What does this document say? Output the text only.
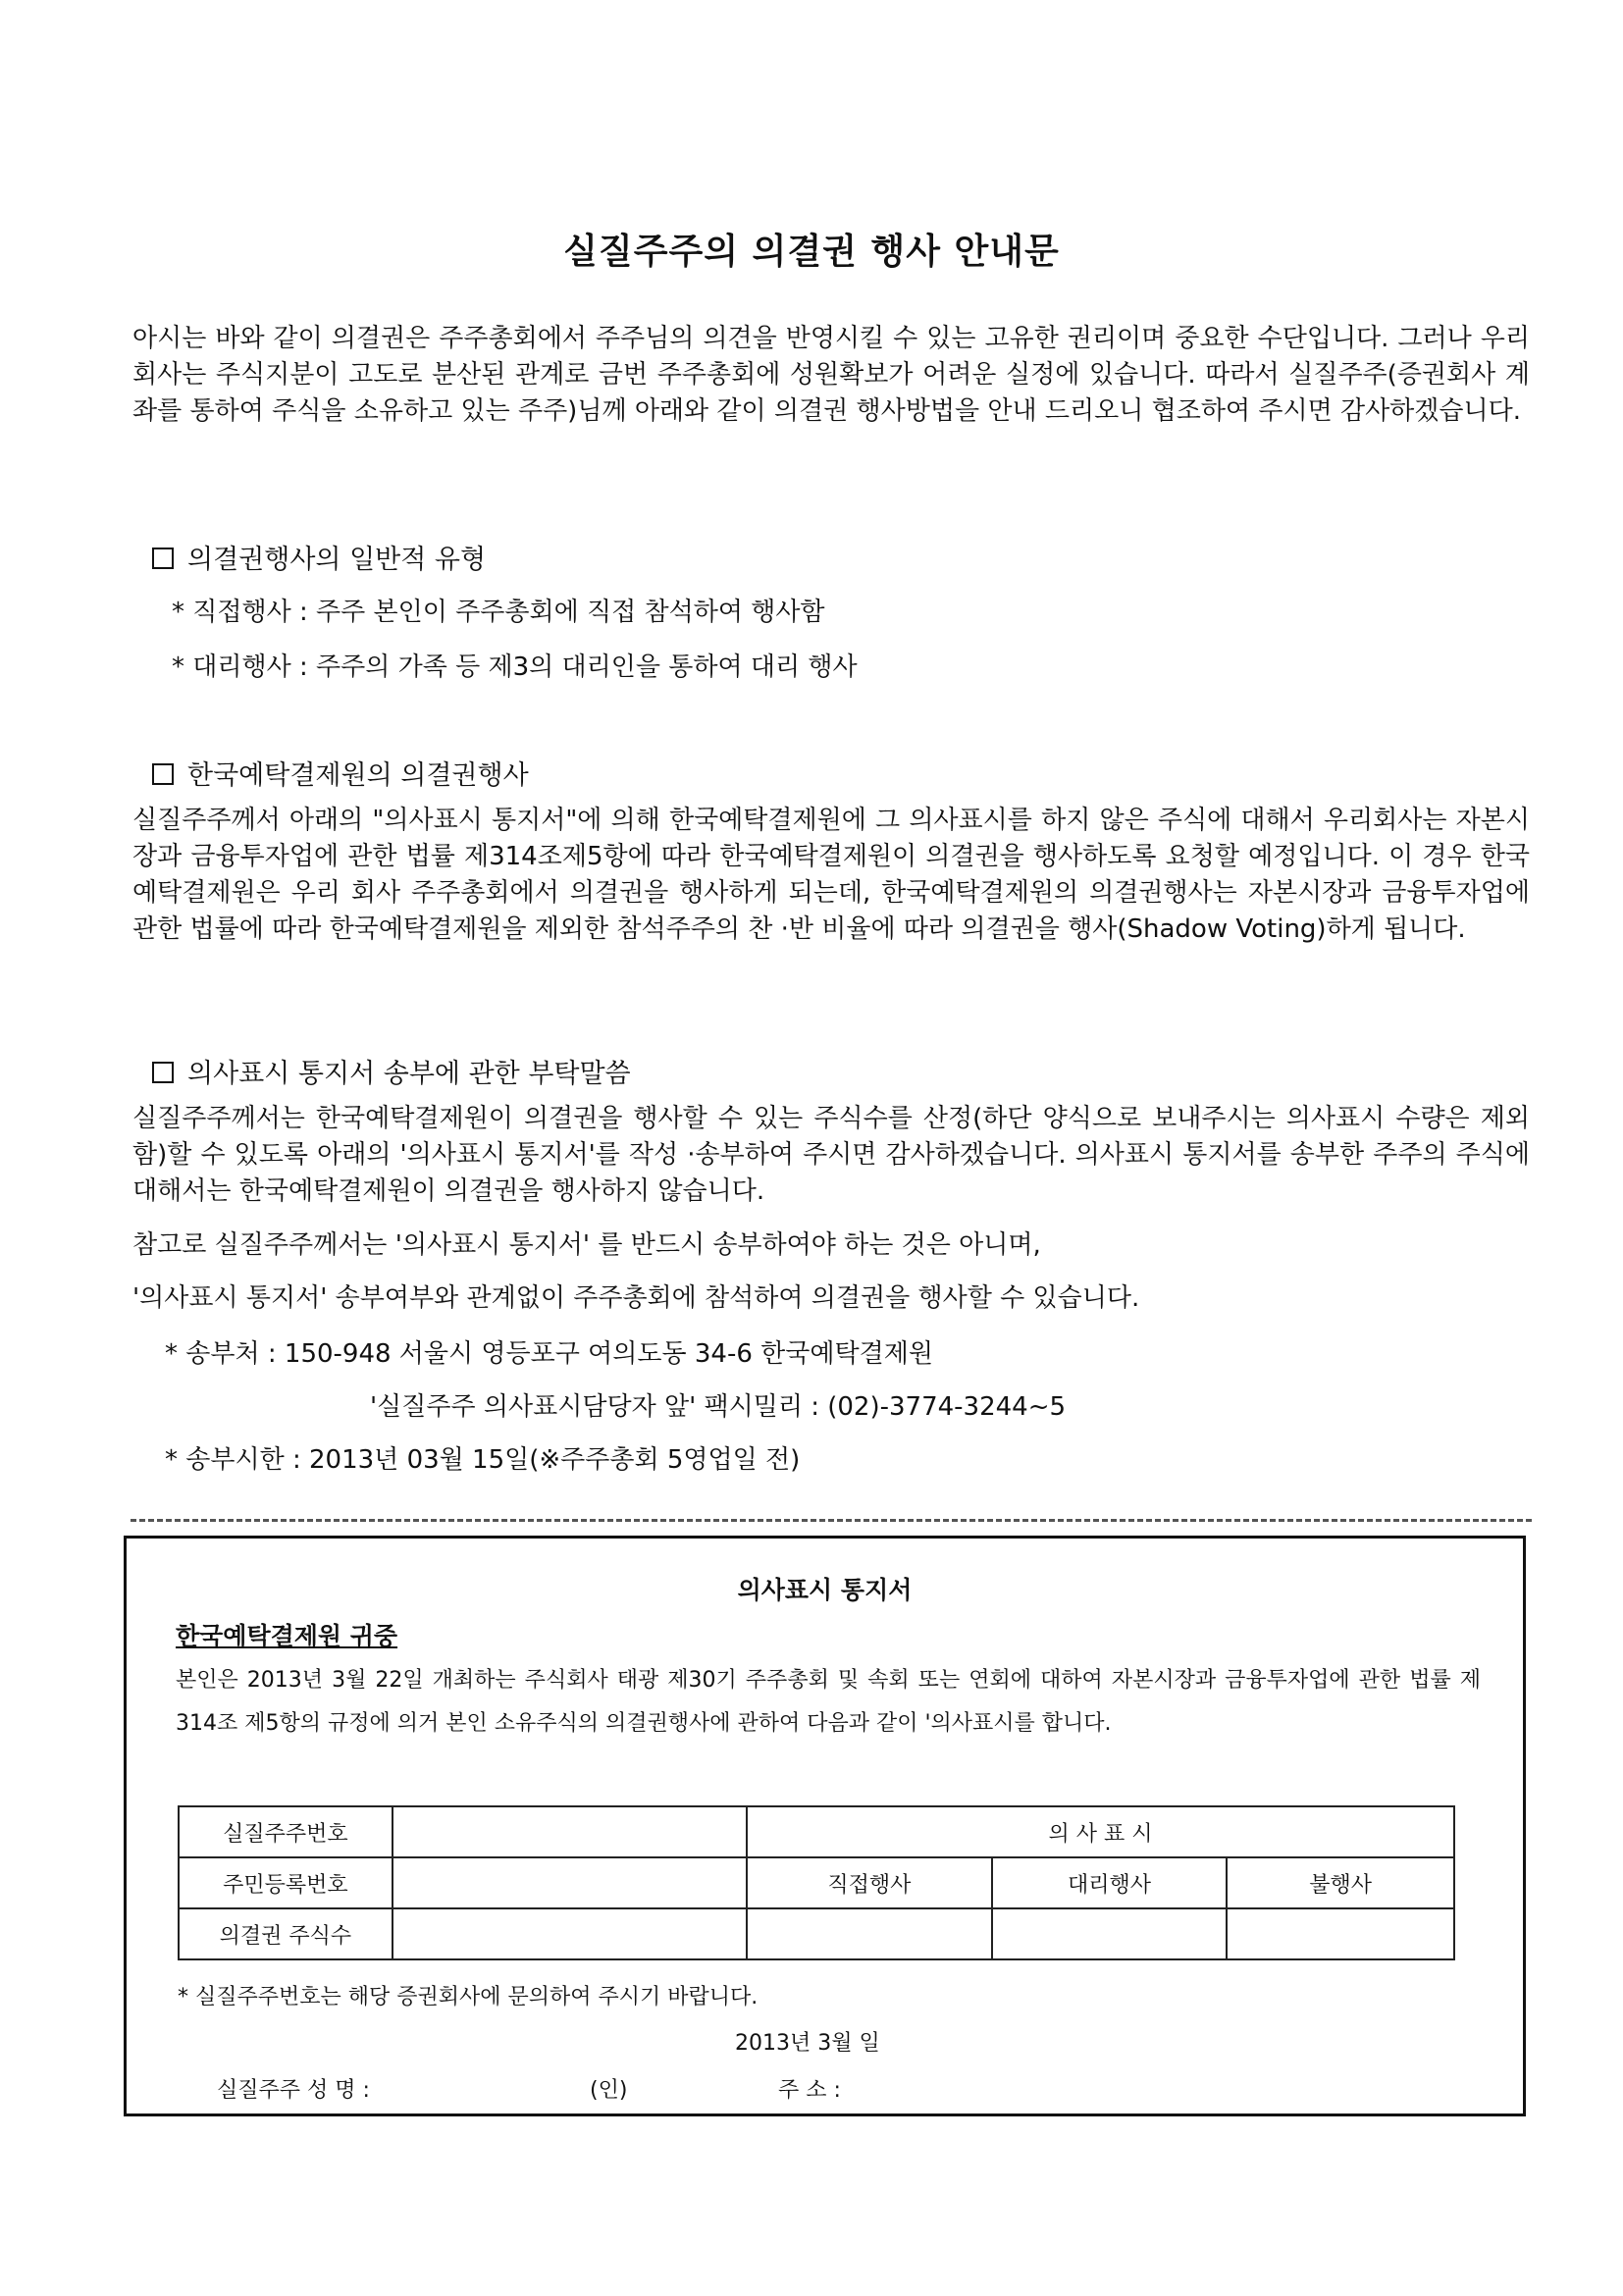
실질주주의 의결권 행사 안내문

아시는 바와 같이 의결권은 주주총회에서 주주님의 의견을 반영시킬 수 있는 고유한 권리이며 중요한 수단입니다. 그러나 우리 회사는 주식지분이 고도로 분산된 관계로 금번 주주총회에 성원확보가 어려운 실정에 있습니다. 따라서 실질주주(증권회사 계좌를 통하여 주식을 소유하고 있는 주주)님께 아래와 같이 의결권 행사방법을 안내 드리오니 협조하여 주시면 감사하겠습니다.

의결권행사의 일반적 유형
* 직접행사 : 주주 본인이 주주총회에 직접 참석하여 행사함
* 대리행사 : 주주의 가족 등 제3의 대리인을 통하여 대리 행사
한국예탁결제원의 의결권행사

실질주주께서 아래의 "의사표시 통지서"에 의해 한국예탁결제원에 그 의사표시를 하지 않은 주식에 대해서 우리회사는 자본시장과 금융투자업에 관한 법률 제314조제5항에 따라 한국예탁결제원이 의결권을 행사하도록 요청할 예정입니다. 이 경우 한국예탁결제원은 우리 회사 주주총회에서 의결권을 행사하게 되는데, 한국예탁결제원의 의결권행사는 자본시장과 금융투자업에 관한 법률에 따라 한국예탁결제원을 제외한 참석주주의 찬 ·반 비율에 따라 의결권을 행사(Shadow Voting)하게 됩니다.

의사표시 통지서 송부에 관한 부탁말씀

실질주주께서는 한국예탁결제원이 의결권을 행사할 수 있는 주식수를 산정(하단 양식으로 보내주시는 의사표시 수량은 제외함)할 수 있도록 아래의 '의사표시 통지서'를 작성 ·송부하여 주시면 감사하겠습니다. 의사표시 통지서를 송부한 주주의 주식에 대해서는 한국예탁결제원이 의결권을 행사하지 않습니다.

참고로 실질주주께서는 '의사표시 통지서' 를 반드시 송부하여야 하는 것은 아니며,
'의사표시 통지서' 송부여부와 관계없이 주주총회에 참석하여 의결권을 행사할 수 있습니다.
* 송부처 : 150-948 서울시 영등포구 여의도동 34-6 한국예탁결제원
'실질주주 의사표시담당자 앞' 팩시밀리 : (02)-3774-3244~5
* 송부시한 : 2013년 03월 15일(※주주총회 5영업일 전)
의사표시 통지서
한국예탁결제원 귀중

본인은 2013년 3월 22일 개최하는 주식회사 태광 제30기 주주총회 및 속회 또는 연회에 대하여 자본시장과 금융투자업에 관한 법률 제 314조 제5항의 규정에 의거 본인 소유주식의 의결권행사에 관하여 다음과 같이 '의사표시를 합니다.

실질주주번호		의 사 표 시		
주민등록번호		직접행사	대리행사	불행사
의결권 주식수				
* 실질주주번호는 해당 증권회사에 문의하여 주시기 바랍니다.
2013년 3월 일
실질주주 성 명 :	(인)	주 소 :
